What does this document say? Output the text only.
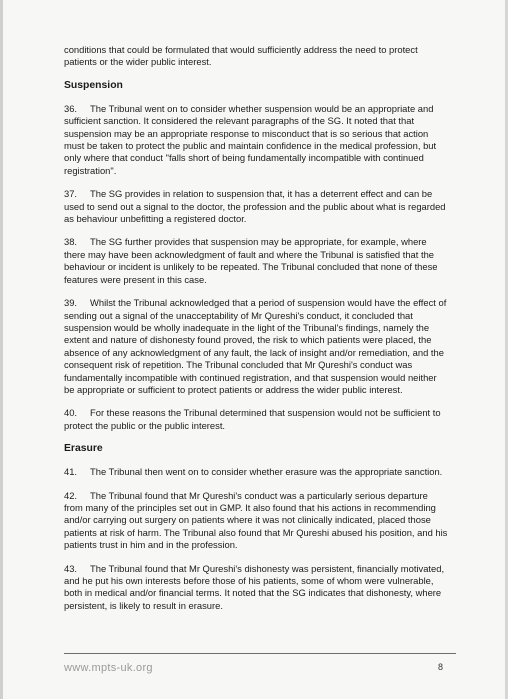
conditions that could be formulated that would sufficiently address the need to protect patients or the wider public interest.

Suspension

36. The Tribunal went on to consider whether suspension would be an appropriate and sufficient sanction. It considered the relevant paragraphs of the SG. It noted that that suspension may be an appropriate response to misconduct that is so serious that action must be taken to protect the public and maintain confidence in the medical profession, but only where that conduct "falls short of being fundamentally incompatible with continued registration".

37. The SG provides in relation to suspension that, it has a deterrent effect and can be used to send out a signal to the doctor, the profession and the public about what is regarded as behaviour unbefitting a registered doctor.

38. The SG further provides that suspension may be appropriate, for example, where there may have been acknowledgment of fault and where the Tribunal is satisfied that the behaviour or incident is unlikely to be repeated. The Tribunal concluded that none of these features were present in this case.

39. Whilst the Tribunal acknowledged that a period of suspension would have the effect of sending out a signal of the unacceptability of Mr Qureshi's conduct, it concluded that suspension would be wholly inadequate in the light of the Tribunal's findings, namely the extent and nature of dishonesty found proved, the risk to which patients were placed, the absence of any acknowledgment of any fault, the lack of insight and/or remediation, and the consequent risk of repetition. The Tribunal concluded that Mr Qureshi's conduct was fundamentally incompatible with continued registration, and that suspension would neither be appropriate or sufficient to protect patients or address the wider public interest.

40. For these reasons the Tribunal determined that suspension would not be sufficient to protect the public or the public interest.

Erasure

41. The Tribunal then went on to consider whether erasure was the appropriate sanction.

42. The Tribunal found that Mr Qureshi's conduct was a particularly serious departure from many of the principles set out in GMP. It also found that his actions in recommending and/or carrying out surgery on patients where it was not clinically indicated, placed those patients at risk of harm. The Tribunal also found that Mr Qureshi abused his position, and his patients trust in him and in the profession.

43. The Tribunal found that Mr Qureshi's dishonesty was persistent, financially motivated, and he put his own interests before those of his patients, some of whom were vulnerable, both in medical and/or financial terms. It noted that the SG indicates that dishonesty, where persistent, is likely to result in erasure.

www.mpts-uk.org	8
